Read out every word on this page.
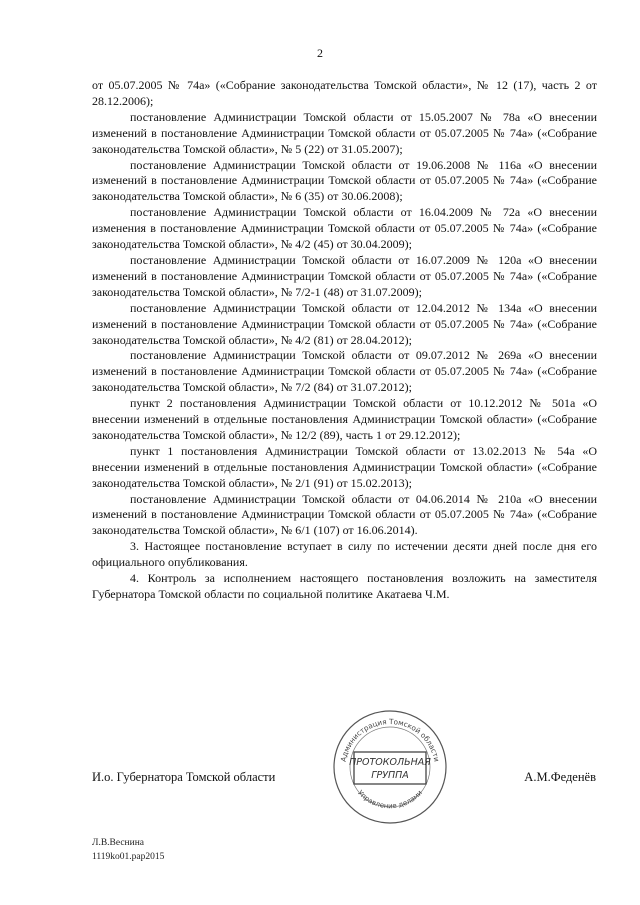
2

от 05.07.2005 № 74а» («Собрание законодательства Томской области», № 12 (17), часть 2 от 28.12.2006);

постановление Администрации Томской области от 15.05.2007 № 78а «О внесении изменений в постановление Администрации Томской области от 05.07.2005 № 74а» («Собрание законодательства Томской области», № 5 (22) от 31.05.2007);

постановление Администрации Томской области от 19.06.2008 № 116а «О внесении изменений в постановление Администрации Томской области от 05.07.2005 № 74а» («Собрание законодательства Томской области», № 6 (35) от 30.06.2008);

постановление Администрации Томской области от 16.04.2009 № 72а «О внесении изменения в постановление Администрации Томской области от 05.07.2005 № 74а» («Собрание законодательства Томской области», № 4/2 (45) от 30.04.2009);

постановление Администрации Томской области от 16.07.2009 № 120а «О внесении изменений в постановление Администрации Томской области от 05.07.2005 № 74а» («Собрание законодательства Томской области», № 7/2-1 (48) от 31.07.2009);

постановление Администрации Томской области от 12.04.2012 № 134а «О внесении изменений в постановление Администрации Томской области от 05.07.2005 № 74а» («Собрание законодательства Томской области», № 4/2 (81) от 28.04.2012);

постановление Администрации Томской области от 09.07.2012 № 269а «О внесении изменений в постановление Администрации Томской области от 05.07.2005 № 74а» («Собрание законодательства Томской области», № 7/2 (84) от 31.07.2012);

пункт 2 постановления Администрации Томской области от 10.12.2012 № 501а «О внесении изменений в отдельные постановления Администрации Томской области» («Собрание законодательства Томской области», № 12/2 (89), часть 1 от 29.12.2012);

пункт 1 постановления Администрации Томской области от 13.02.2013 № 54а «О внесении изменений в отдельные постановления Администрации Томской области» («Собрание законодательства Томской области», № 2/1 (91) от 15.02.2013);

постановление Администрации Томской области от 04.06.2014 № 210а «О внесении изменений в постановление Администрации Томской области от 05.07.2005 № 74а» («Собрание законодательства Томской области», № 6/1 (107) от 16.06.2014).

3. Настоящее постановление вступает в силу по истечении десяти дней после дня его официального опубликования.

4. Контроль за исполнением настоящего постановления возложить на заместителя Губернатора Томской области по социальной политике Акатаева Ч.М.

И.о. Губернатора Томской области	А.М.Феденёв
Администрация Томской области
ПРОТОКОЛЬНАЯ
ГРУППА
Управление делами
Л.В.Веснина
1119ko01.pap2015
